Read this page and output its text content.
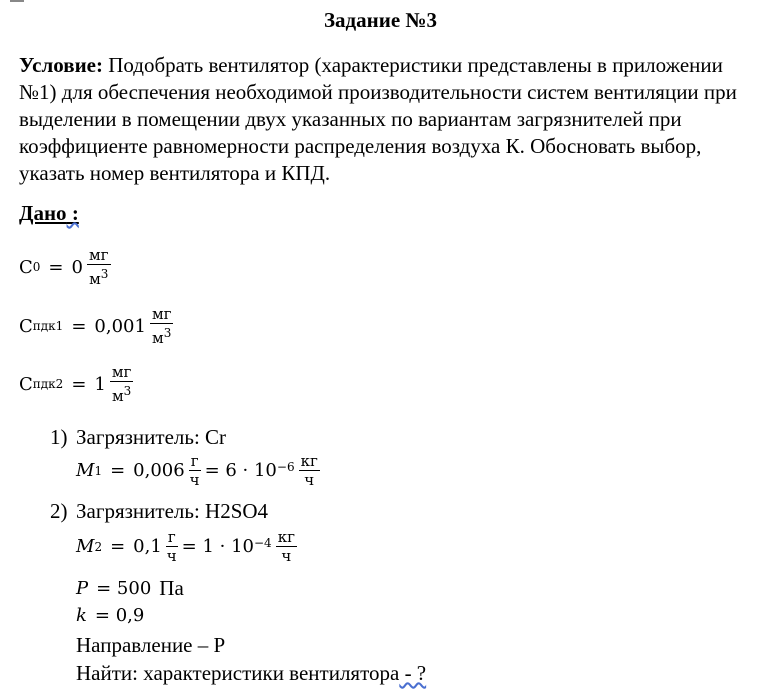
Задание №3
Условие: Подобрать вентилятор (характеристики представлены в приложении №1) для обеспечения необходимой производительности систем вентиляции при выделении в помещении двух указанных по вариантам загрязнителей при коэффициенте равномерности распределения воздуха К. Обосновать выбор, указать номер вентилятора и КПД.
Дано :
C $0 = 0 \frac{мг}{м^3}$
C $пдк1 = 0,001 \frac{мг}{м^3}$
C $пдк2 = 1 \frac{мг}{м^3}$
1) Загрязнитель: Cr
M $1 = 0,006 \frac{г}{ч} = 6 \cdot 10 -6 \frac{кг}{ч}$
2) Загрязнитель: H2SO4
M $2 = 0,1 \frac{г}{ч} = 1 \cdot 10 -4 \frac{кг}{ч}$
P = 500 Па
k = 0,9
Направление – Р
Найти: характеристики вентилятора - ?
